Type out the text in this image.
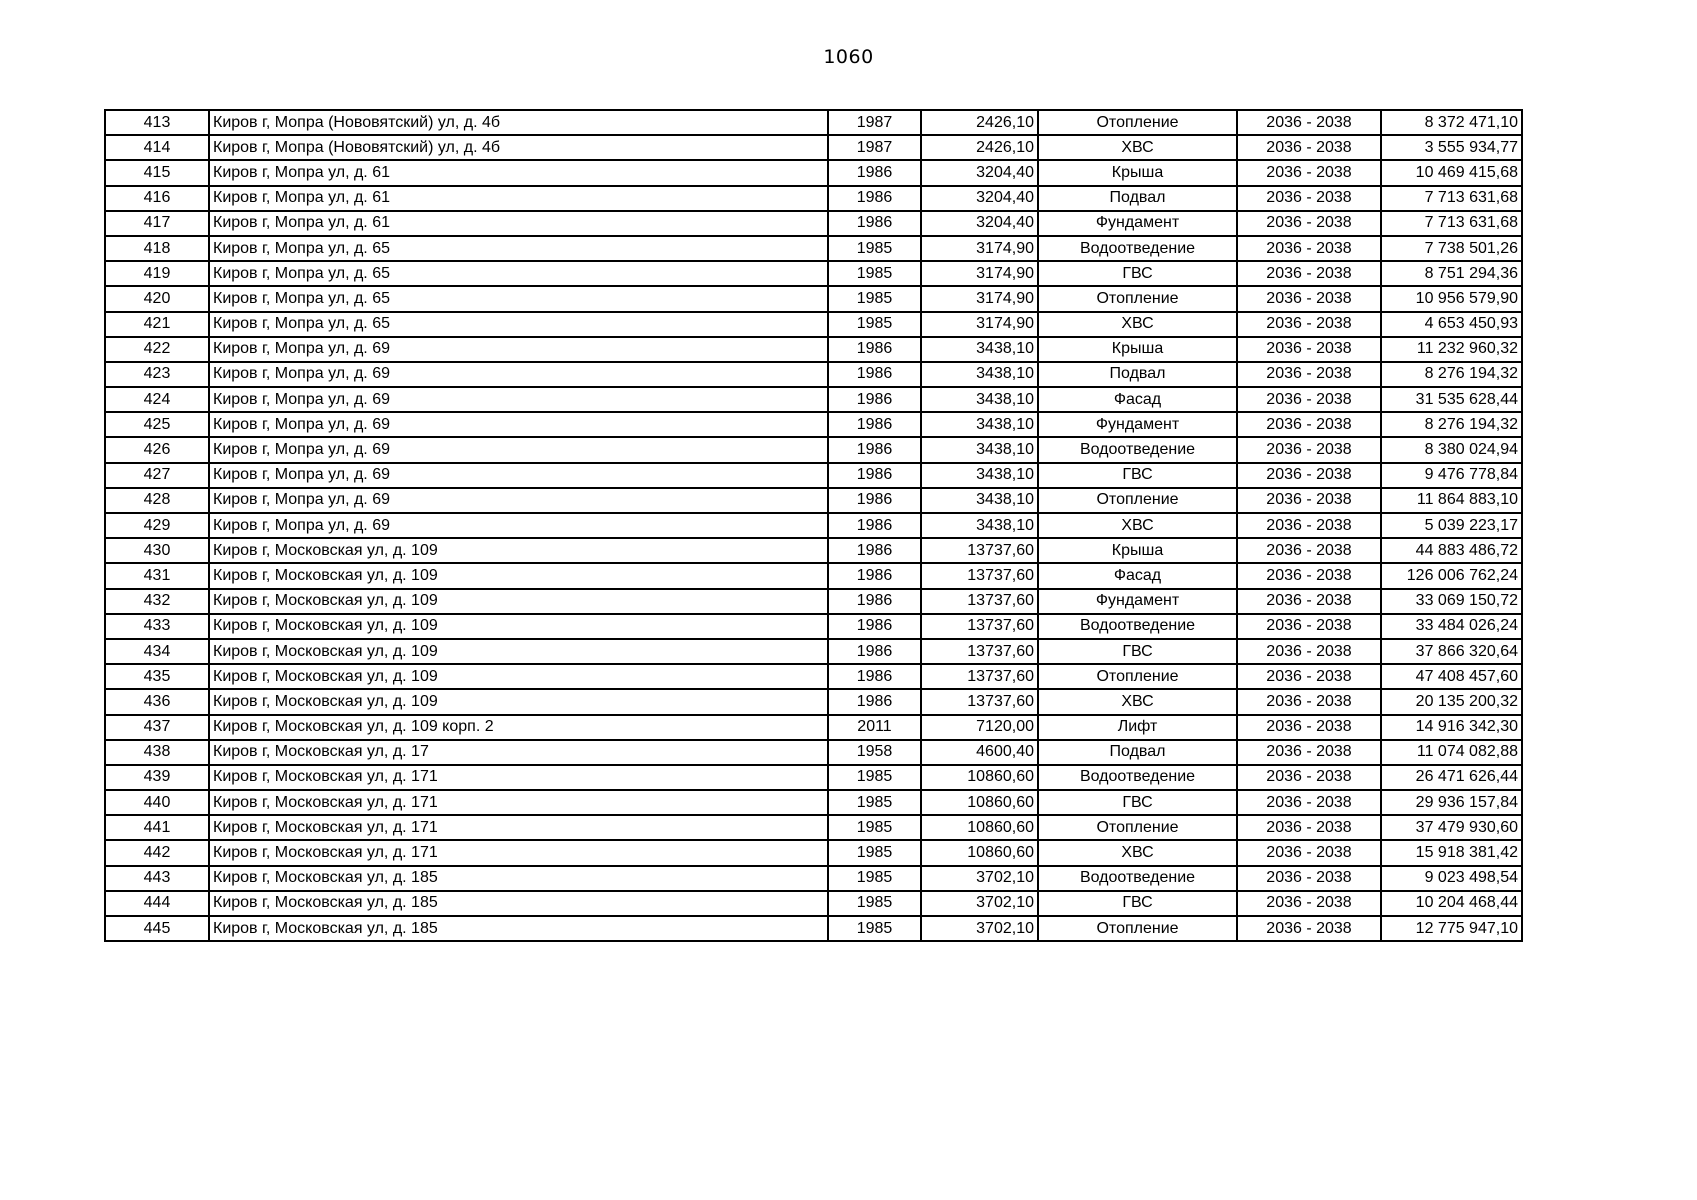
1060
413	Киров г, Мопра (Нововятский) ул, д. 4б	1987	2426,10	Отопление	2036 - 2038	8 372 471,10
414	Киров г, Мопра (Нововятский) ул, д. 4б	1987	2426,10	ХВС	2036 - 2038	3 555 934,77
415	Киров г, Мопра ул, д. 61	1986	3204,40	Крыша	2036 - 2038	10 469 415,68
416	Киров г, Мопра ул, д. 61	1986	3204,40	Подвал	2036 - 2038	7 713 631,68
417	Киров г, Мопра ул, д. 61	1986	3204,40	Фундамент	2036 - 2038	7 713 631,68
418	Киров г, Мопра ул, д. 65	1985	3174,90	Водоотведение	2036 - 2038	7 738 501,26
419	Киров г, Мопра ул, д. 65	1985	3174,90	ГВС	2036 - 2038	8 751 294,36
420	Киров г, Мопра ул, д. 65	1985	3174,90	Отопление	2036 - 2038	10 956 579,90
421	Киров г, Мопра ул, д. 65	1985	3174,90	ХВС	2036 - 2038	4 653 450,93
422	Киров г, Мопра ул, д. 69	1986	3438,10	Крыша	2036 - 2038	11 232 960,32
423	Киров г, Мопра ул, д. 69	1986	3438,10	Подвал	2036 - 2038	8 276 194,32
424	Киров г, Мопра ул, д. 69	1986	3438,10	Фасад	2036 - 2038	31 535 628,44
425	Киров г, Мопра ул, д. 69	1986	3438,10	Фундамент	2036 - 2038	8 276 194,32
426	Киров г, Мопра ул, д. 69	1986	3438,10	Водоотведение	2036 - 2038	8 380 024,94
427	Киров г, Мопра ул, д. 69	1986	3438,10	ГВС	2036 - 2038	9 476 778,84
428	Киров г, Мопра ул, д. 69	1986	3438,10	Отопление	2036 - 2038	11 864 883,10
429	Киров г, Мопра ул, д. 69	1986	3438,10	ХВС	2036 - 2038	5 039 223,17
430	Киров г, Московская ул, д. 109	1986	13737,60	Крыша	2036 - 2038	44 883 486,72
431	Киров г, Московская ул, д. 109	1986	13737,60	Фасад	2036 - 2038	126 006 762,24
432	Киров г, Московская ул, д. 109	1986	13737,60	Фундамент	2036 - 2038	33 069 150,72
433	Киров г, Московская ул, д. 109	1986	13737,60	Водоотведение	2036 - 2038	33 484 026,24
434	Киров г, Московская ул, д. 109	1986	13737,60	ГВС	2036 - 2038	37 866 320,64
435	Киров г, Московская ул, д. 109	1986	13737,60	Отопление	2036 - 2038	47 408 457,60
436	Киров г, Московская ул, д. 109	1986	13737,60	ХВС	2036 - 2038	20 135 200,32
437	Киров г, Московская ул, д. 109 корп. 2	2011	7120,00	Лифт	2036 - 2038	14 916 342,30
438	Киров г, Московская ул, д. 17	1958	4600,40	Подвал	2036 - 2038	11 074 082,88
439	Киров г, Московская ул, д. 171	1985	10860,60	Водоотведение	2036 - 2038	26 471 626,44
440	Киров г, Московская ул, д. 171	1985	10860,60	ГВС	2036 - 2038	29 936 157,84
441	Киров г, Московская ул, д. 171	1985	10860,60	Отопление	2036 - 2038	37 479 930,60
442	Киров г, Московская ул, д. 171	1985	10860,60	ХВС	2036 - 2038	15 918 381,42
443	Киров г, Московская ул, д. 185	1985	3702,10	Водоотведение	2036 - 2038	9 023 498,54
444	Киров г, Московская ул, д. 185	1985	3702,10	ГВС	2036 - 2038	10 204 468,44
445	Киров г, Московская ул, д. 185	1985	3702,10	Отопление	2036 - 2038	12 775 947,10
